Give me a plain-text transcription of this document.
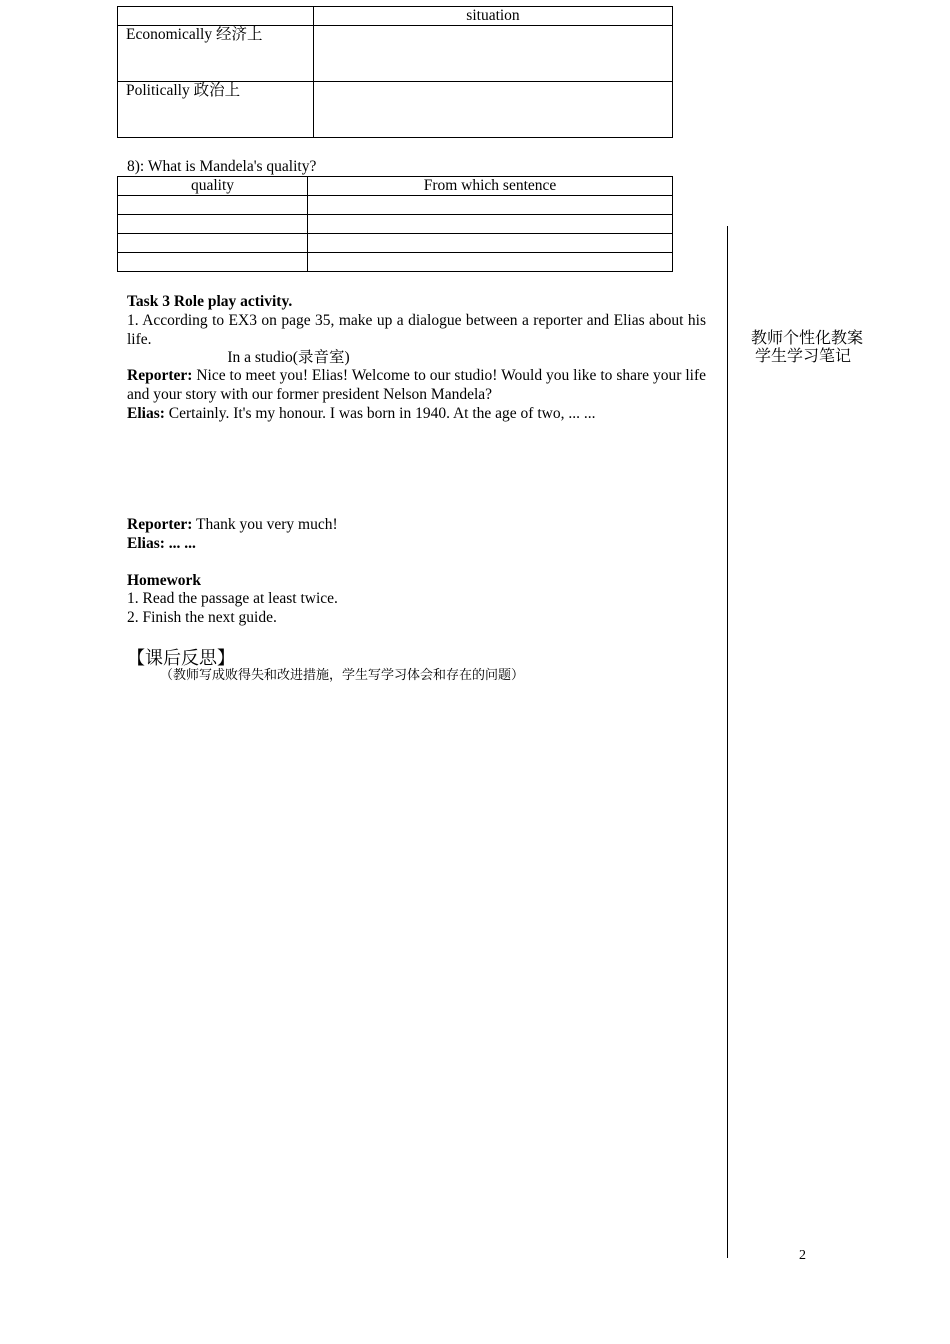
	situation
Economically 经济上	
Politically 政治上	
8): What is Mandela's quality?
quality	From which sentence

Task 3 Role play activity.
1. According to EX3 on page 35, make up a dialogue between a reporter and Elias about his life.
In a studio(录音室)
Reporter: Nice to meet you! Elias! Welcome to our studio! Would you like to share your life and your story with our former president Nelson Mandela?
Elias: Certainly. It's my honour. I was born in 1940. At the age of two, ... ...
Reporter: Thank you very much!
Elias: ... ...
Homework
1. Read the passage at least twice.
2. Finish the next guide.
【课后反思】
（教师写成败得失和改进措施，学生写学习体会和存在的问题）
教师个性化教案
学生学习笔记
2
